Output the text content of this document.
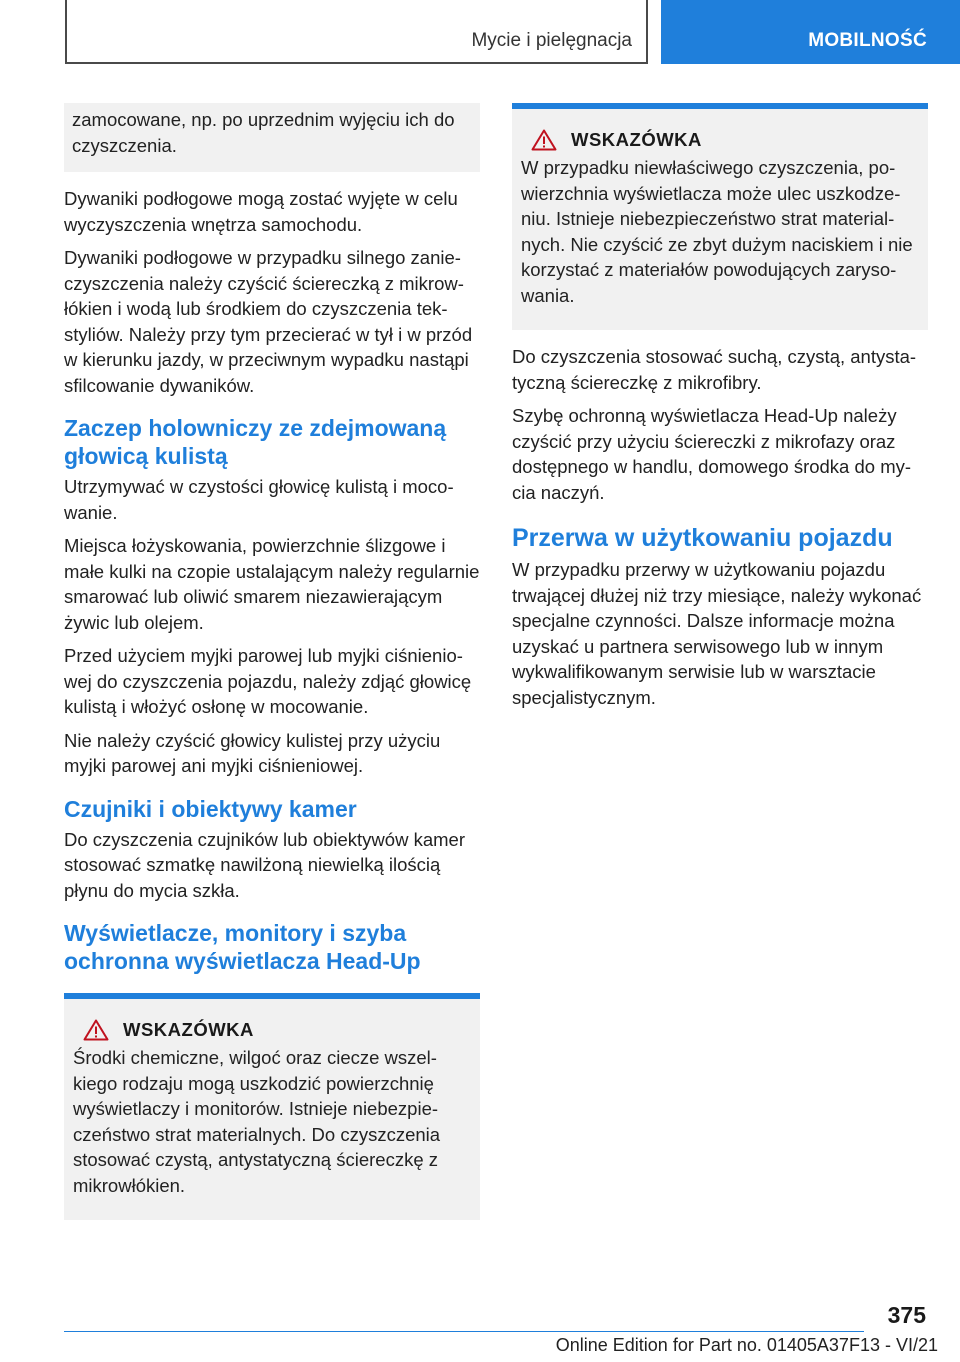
Mycie i pielęgnacja	MOBILNOŚĆ

zamocowane, np. po uprzednim wyjęciu ich do czyszczenia.

Dywaniki podłogowe mogą zostać wyjęte w celu wyczyszczenia wnętrza samochodu.

Dywaniki podłogowe w przypadku silnego zanieczyszczenia należy czyścić ściereczką z mikrowłókien i wodą lub środkiem do czyszczenia tekstyliów. Należy przy tym przecierać w tył i w przód w kierunku jazdy, w przeciwnym wypadku nastąpi sfilcowanie dywaników.

Zaczep holowniczy ze zdejmowaną głowicą kulistą

Utrzymywać w czystości głowicę kulistą i mocowanie.

Miejsca łożyskowania, powierzchnie ślizgowe i małe kulki na czopie ustalającym należy regularnie smarować lub oliwić smarem niezawierającym żywic lub olejem.

Przed użyciem myjki parowej lub myjki ciśnieniowej do czyszczenia pojazdu, należy zdjąć głowicę kulistą i włożyć osłonę w mocowanie.

Nie należy czyścić głowicy kulistej przy użyciu myjki parowej ani myjki ciśnieniowej.

Czujniki i obiektywy kamer

Do czyszczenia czujników lub obiektywów kamer stosować szmatkę nawilżoną niewielką ilością płynu do mycia szkła.

Wyświetlacze, monitory i szyba ochronna wyświetlacza Head-Up
WSKAZÓWKA

Środki chemiczne, wilgoć oraz ciecze wszelkiego rodzaju mogą uszkodzić powierzchnię wyświetlaczy i monitorów. Istnieje niebezpieczeństwo strat materialnych. Do czyszczenia stosować czystą, antystatyczną ściereczkę z mikrowłókien.

WSKAZÓWKA

W przypadku niewłaściwego czyszczenia, powierzchnia wyświetlacza może ulec uszkodzeniu. Istnieje niebezpieczeństwo strat materialnych. Nie czyścić ze zbyt dużym naciskiem i nie korzystać z materiałów powodujących zarysowania.

Do czyszczenia stosować suchą, czystą, antystatyczną ściereczkę z mikrofibry.

Szybę ochronną wyświetlacza Head-Up należy czyścić przy użyciu ściereczki z mikrofazy oraz dostępnego w handlu, domowego środka do mycia naczyń.

Przerwa w użytkowaniu pojazdu

W przypadku przerwy w użytkowaniu pojazdu trwającej dłużej niż trzy miesiące, należy wykonać specjalne czynności. Dalsze informacje można uzyskać u partnera serwisowego lub w innym wykwalifikowanym serwisie lub w warsztacie specjalistycznym.

375
Online Edition for Part no. 01405A37F13 - VI/21
